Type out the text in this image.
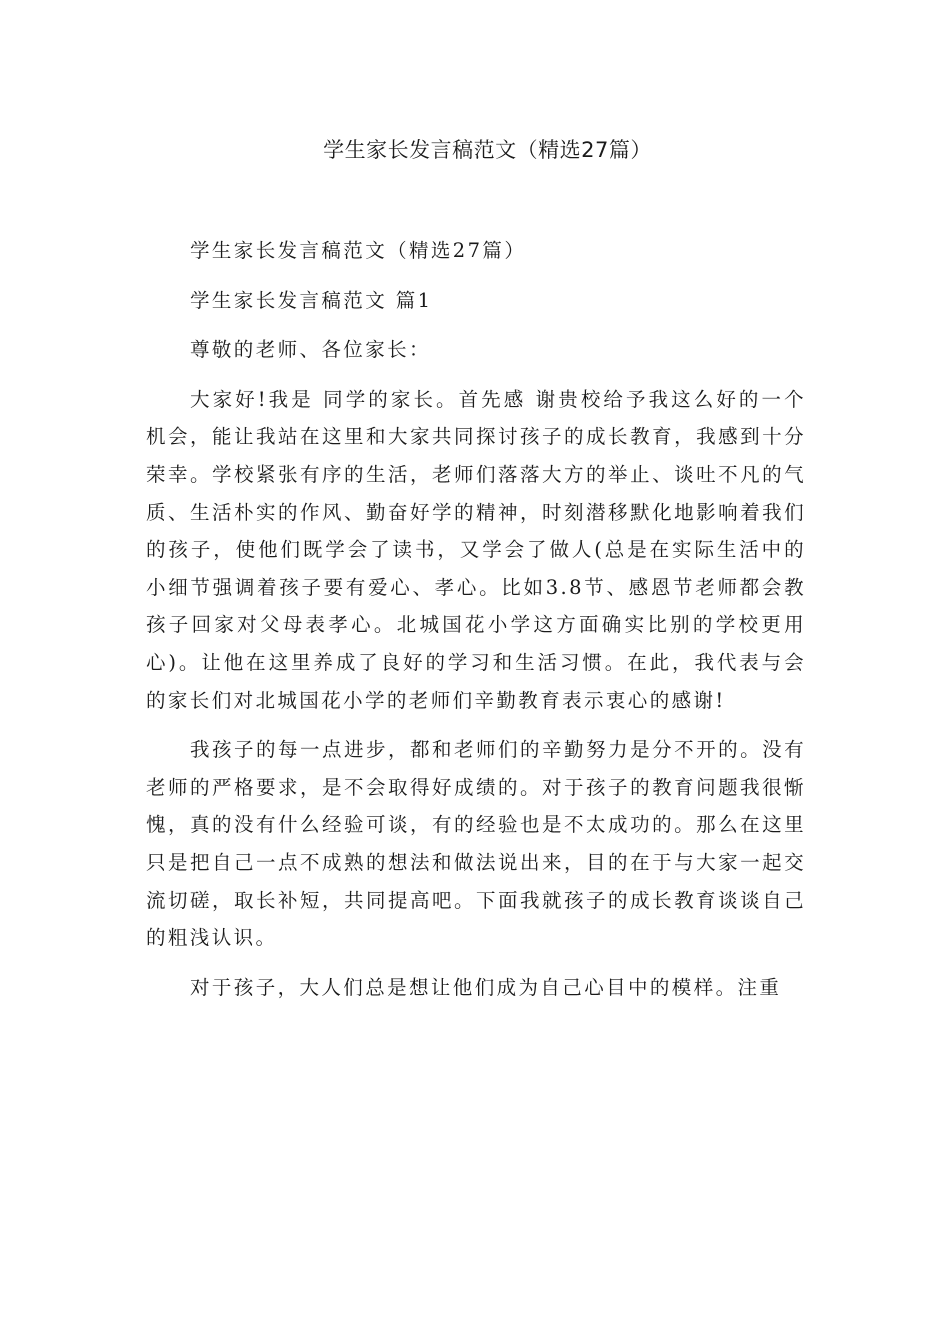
学生家长发言稿范文（精选27篇）

学生家长发言稿范文（精选27篇）

学生家长发言稿范文 篇1

尊敬的老师、各位家长：

大家好!我是 同学的家长。首先感 谢贵校给予我这么好的一个机会，能让我站在这里和大家共同探讨孩子的成长教育，我感到十分荣幸。学校紧张有序的生活，老师们落落大方的举止、谈吐不凡的气质、生活朴实的作风、勤奋好学的精神，时刻潜移默化地影响着我们的孩子，使他们既学会了读书，又学会了做人(总是在实际生活中的小细节强调着孩子要有爱心、孝心。比如3.8节、感恩节老师都会教孩子回家对父母表孝心。北城国花小学这方面确实比别的学校更用心)。让他在这里养成了良好的学习和生活习惯。在此，我代表与会的家长们对北城国花小学的老师们辛勤教育表示衷心的感谢!

我孩子的每一点进步，都和老师们的辛勤努力是分不开的。没有老师的严格要求，是不会取得好成绩的。对于孩子的教育问题我很惭愧，真的没有什么经验可谈，有的经验也是不太成功的。那么在这里只是把自己一点不成熟的想法和做法说出来，目的在于与大家一起交流切磋，取长补短，共同提高吧。下面我就孩子的成长教育谈谈自己的粗浅认识。

对于孩子，大人们总是想让他们成为自己心目中的模样。注重
